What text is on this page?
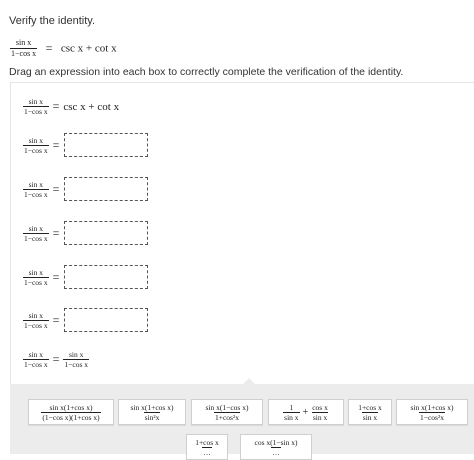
Verify the identity.
$\frac{\text{sin x}}{\text{1−cos x}} = \csc x + \cot x$
Drag an expression into each box to correctly complete the verification of the identity.
$\frac{\text{sin x}}{\text{1−cos x}} = \csc x + \cot x$
$\frac{\text{sin x}}{\text{1−cos x}}$ =
$\frac{\text{sin x}}{\text{1−cos x}}$ =
$\frac{\text{sin x}}{\text{1−cos x}}$ =
$\frac{\text{sin x}}{\text{1−cos x}}$ =
$\frac{\text{sin x}}{\text{1−cos x}}$ =
$\frac{\text{sin x}}{\text{1−cos x}} = \frac{\text{sin x}}{\text{1−cos x}}$
$\frac{\text{sin x(1+cos x)}}{\text{(1−cos x)(1+cos x)}}$	$\frac{\text{sin x(1+cos x)}}{\text{sin²x}}$	$\frac{\text{sin x(1−cos x)}}{\text{1+cos²x}}$	$\frac{1}{\text{sin x}} + \frac{\text{cos x}}{\text{sin x}}$	$\frac{\text{1+cos x}}{\text{sin x}}$	$\frac{\text{sin x(1+cos x)}}{\text{1−cos²x}}$
$\frac{\text{1+cos x}}{\dots}$	$\frac{\text{cos x(1−sin x)}}{\dots}$
